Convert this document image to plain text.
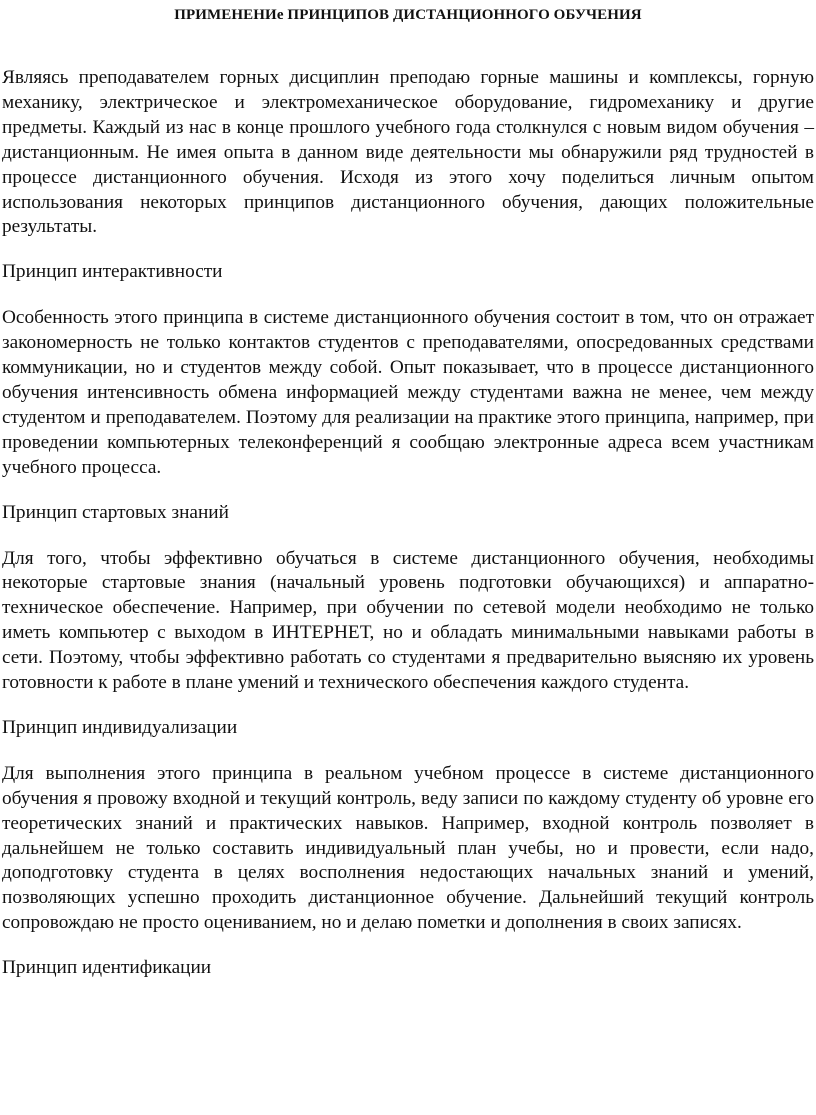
ПРИМЕНЕНИе ПРИНЦИПОВ ДИСТАНЦИОННОГО ОБУЧЕНИЯ

Являясь преподавателем горных дисциплин преподаю горные машины и комплексы, горную механику, электрическое и электромеханическое оборудование, гидромеханику и другие предметы. Каждый из нас в конце прошлого учебного года столкнулся с новым видом обучения – дистанционным. Не имея опыта в данном виде деятельности мы обнаружили ряд трудностей в процессе дистанционного обучения. Исходя из этого хочу поделиться личным опытом использования некоторых принципов дистанционного обучения, дающих положительные результаты.

Принцип интерактивности

Особенность этого принципа в системе дистанционного обучения состоит в том, что он отражает закономерность не только контактов студентов с преподавателями, опосредованных средствами коммуникации, но и студентов между собой. Опыт показывает, что в процессе дистанционного обучения интенсивность обмена информацией между студентами важна не менее, чем между студентом и преподавателем. Поэтому для реализации на практике этого принципа, например, при проведении компьютерных телеконференций я сообщаю электронные адреса всем участникам учебного процесса.

Принцип стартовых знаний

Для того, чтобы эффективно обучаться в системе дистанционного обучения, необходимы некоторые стартовые знания (начальный уровень подготовки обучающихся) и аппаратно-техническое обеспечение. Например, при обучении по сетевой модели необходимо не только иметь компьютер с выходом в ИНТЕРНЕТ, но и обладать минимальными навыками работы в сети. Поэтому, чтобы эффективно работать со студентами я предварительно выясняю их уровень готовности к работе в плане умений и технического обеспечения каждого студента.

Принцип индивидуализации

Для выполнения этого принципа в реальном учебном процессе в системе дистанционного обучения я провожу входной и текущий контроль, веду записи по каждому студенту об уровне его теоретических знаний и практических навыков. Например, входной контроль позволяет в дальнейшем не только составить индивидуальный план учебы, но и провести, если надо, доподготовку студента в целях восполнения недостающих начальных знаний и умений, позволяющих успешно проходить дистанционное обучение. Дальнейший текущий контроль сопровождаю не просто оцениванием, но и делаю пометки и дополнения в своих записях.

Принцип идентификации
